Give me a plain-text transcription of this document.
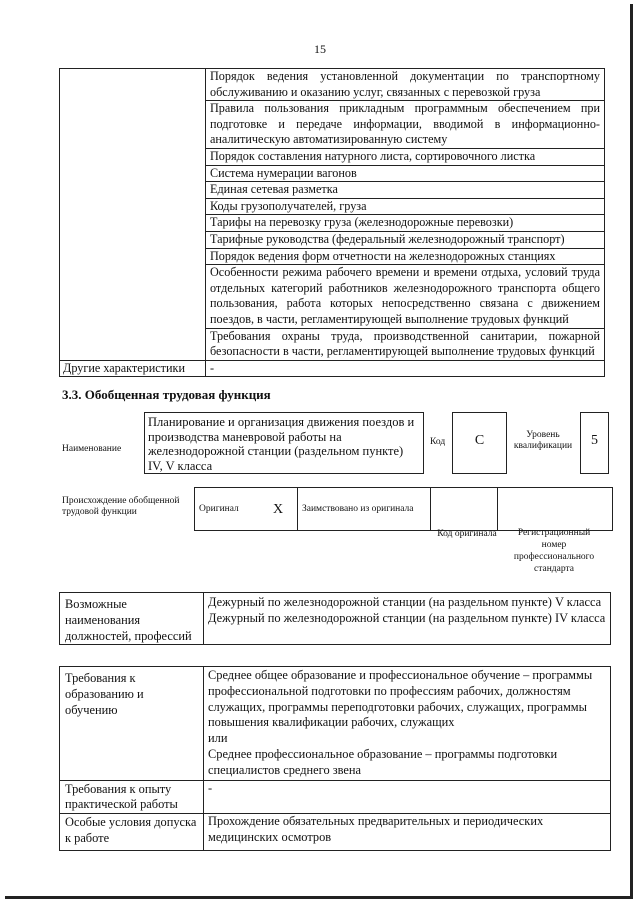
15
	Порядок ведения установленной документации по транспортному обслуживанию и оказанию услуг, связанных с перевозкой груза
	Правила пользования прикладным программным обеспечением при подготовке и передаче информации, вводимой в информационно-аналитическую автоматизированную систему
	Порядок составления натурного листа, сортировочного листка
	Система нумерации вагонов
	Единая сетевая разметка
	Коды грузополучателей, груза
	Тарифы на перевозку груза (железнодорожные перевозки)
	Тарифные руководства (федеральный железнодорожный транспорт)
	Порядок ведения форм отчетности на железнодорожных станциях
	Особенности режима рабочего времени и времени отдыха, условий труда отдельных категорий работников железнодорожного транспорта общего пользования, работа которых непосредственно связана с движением поездов, в части, регламентирующей выполнение трудовых функций
	Требования охраны труда, производственной санитарии, пожарной безопасности в части, регламентирующей выполнение трудовых функций
Другие характеристики	-
3.3. Обобщенная трудовая функция
Наименование
Планирование и организация движения поездов и производства маневровой работы на железнодорожной станции (раздельном пункте) IV, V класса
Код	C	Уровень квалификации	5
Происхождение обобщенной трудовой функции	Оригинал	X	Заимствовано из оригинала		
Код оригинала	Регистрационный номер профессионального стандарта
Возможные наименования должностей, профессий	
Дежурный по железнодорожной станции (на раздельном пункте) V класса
Дежурный по железнодорожной станции (на раздельном пункте) IV класса
Требования к образованию и обучению	Среднее общее образование и профессиональное обучение – программы профессиональной подготовки по профессиям рабочих, должностям служащих, программы переподготовки рабочих, служащих, программы повышения квалификации рабочих, служащих
или
Среднее профессиональное образование – программы подготовки специалистов среднего звена

Требования к опыту практической работы	-
Особые условия допуска к работе	Прохождение обязательных предварительных и периодических медицинских осмотров
